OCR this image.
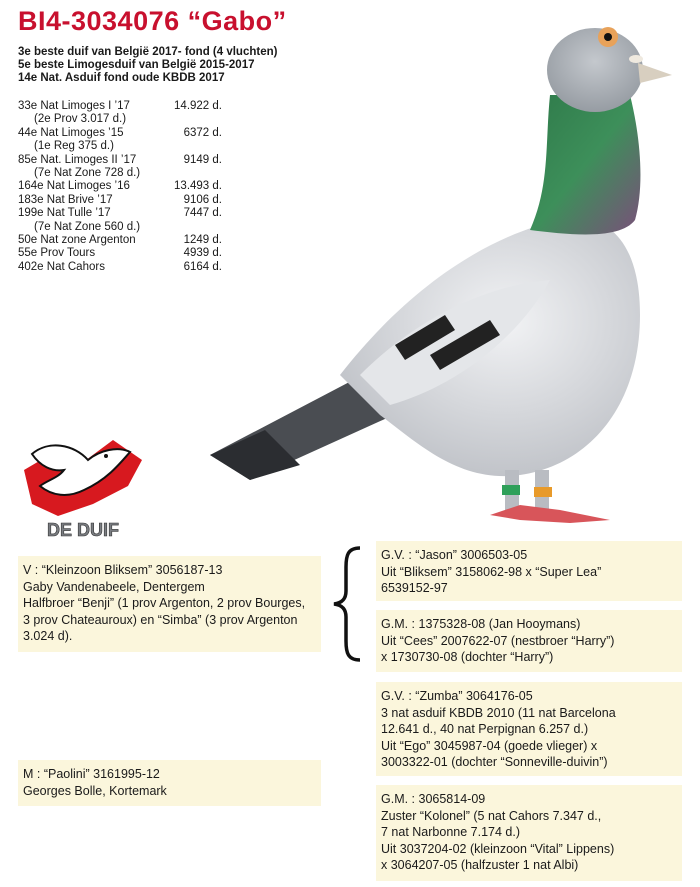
BI4-3034076 “Gabo”
3e beste duif van België 2017- fond (4 vluchten)
5e beste Limogesduif van België 2015-2017
14e Nat. Asduif fond oude KBDB 2017
33e Nat Limoges I ’17	14.922 d.
(2e Prov 3.017 d.)
44e Nat Limoges ’15	6372 d.
(1e Reg 375 d.)
85e Nat. Limoges II ’17	9149 d.
(7e Nat Zone 728 d.)
164e Nat Limoges ’16	13.493 d.
183e Nat Brive ’17	9106 d.
199e Nat Tulle ’17	7447 d.
(7e Nat Zone 560 d.)
50e Nat zone Argenton	1249 d.
55e Prov Tours	4939 d.
402e Nat Cahors	6164 d.
DE DUIF
V : “Kleinzoon Bliksem” 3056187-13
Gaby Vandenabeele, Dentergem
Halfbroer “Benji” (1 prov Argenton, 2 prov Bourges,
3 prov Chateauroux) en “Simba” (3 prov Argenton
3.024 d).
G.V. : “Jason” 3006503-05
Uit “Bliksem” 3158062-98 x “Super Lea”
6539152-97
G.M. : 1375328-08 (Jan Hooymans)
Uit “Cees” 2007622-07 (nestbroer “Harry”)
x 1730730-08 (dochter “Harry”)
G.V. : “Zumba” 3064176-05
3 nat asduif KBDB 2010 (11 nat Barcelona
12.641 d., 40 nat Perpignan 6.257 d.)
Uit “Ego” 3045987-04 (goede vlieger) x
3003322-01 (dochter “Sonneville-duivin”)
M : “Paolini” 3161995-12
Georges Bolle, Kortemark
G.M. : 3065814-09
Zuster “Kolonel” (5 nat Cahors 7.347 d.,
7 nat Narbonne 7.174 d.)
Uit 3037204-02 (kleinzoon “Vital” Lippens)
x 3064207-05 (halfzuster 1 nat Albi)
